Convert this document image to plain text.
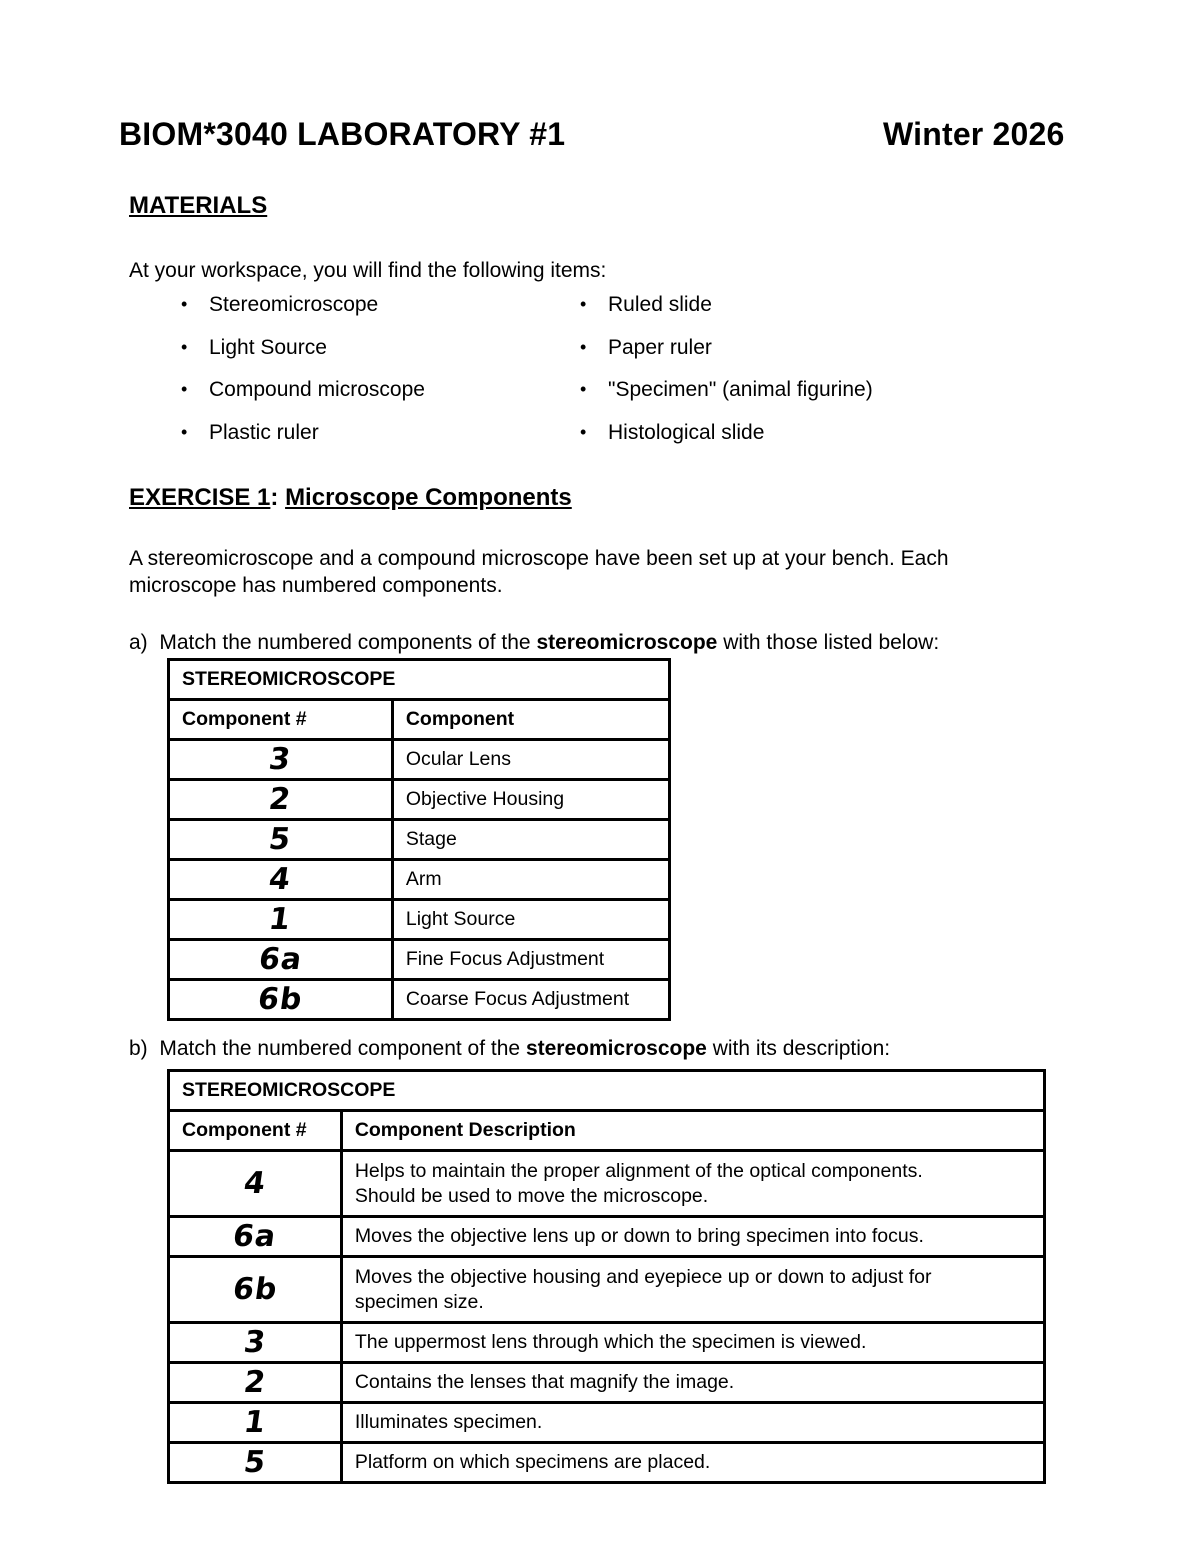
BIOM*3040 LABORATORY #1	Winter 2026
MATERIALS
At your workspace, you will find the following items:
• Stereomicroscope
• Light Source
• Compound microscope
• Plastic ruler
• Ruled slide
• Paper ruler
• "Specimen" (animal figurine)
• Histological slide
EXERCISE 1: Microscope Components
A stereomicroscope and a compound microscope have been set up at your bench. Each
microscope has numbered components.
a) Match the numbered components of the stereomicroscope with those listed below:
STEREOMICROSCOPE	
Component #	Component
3	Ocular Lens
2	Objective Housing
5	Stage
4	Arm
1	Light Source
6a	Fine Focus Adjustment
6b	Coarse Focus Adjustment
b) Match the numbered component of the stereomicroscope with its description:
STEREOMICROSCOPE	
Component #	Component Description
4	Helps to maintain the proper alignment of the optical components.
Should be used to move the microscope.

6a	Moves the objective lens up or down to bring specimen into focus.

6b	Moves the objective housing and eyepiece up or down to adjust for
specimen size.

3	The uppermost lens through which the specimen is viewed.

2	Contains the lenses that magnify the image.

1	Illuminates specimen.

5	Platform on which specimens are placed.
